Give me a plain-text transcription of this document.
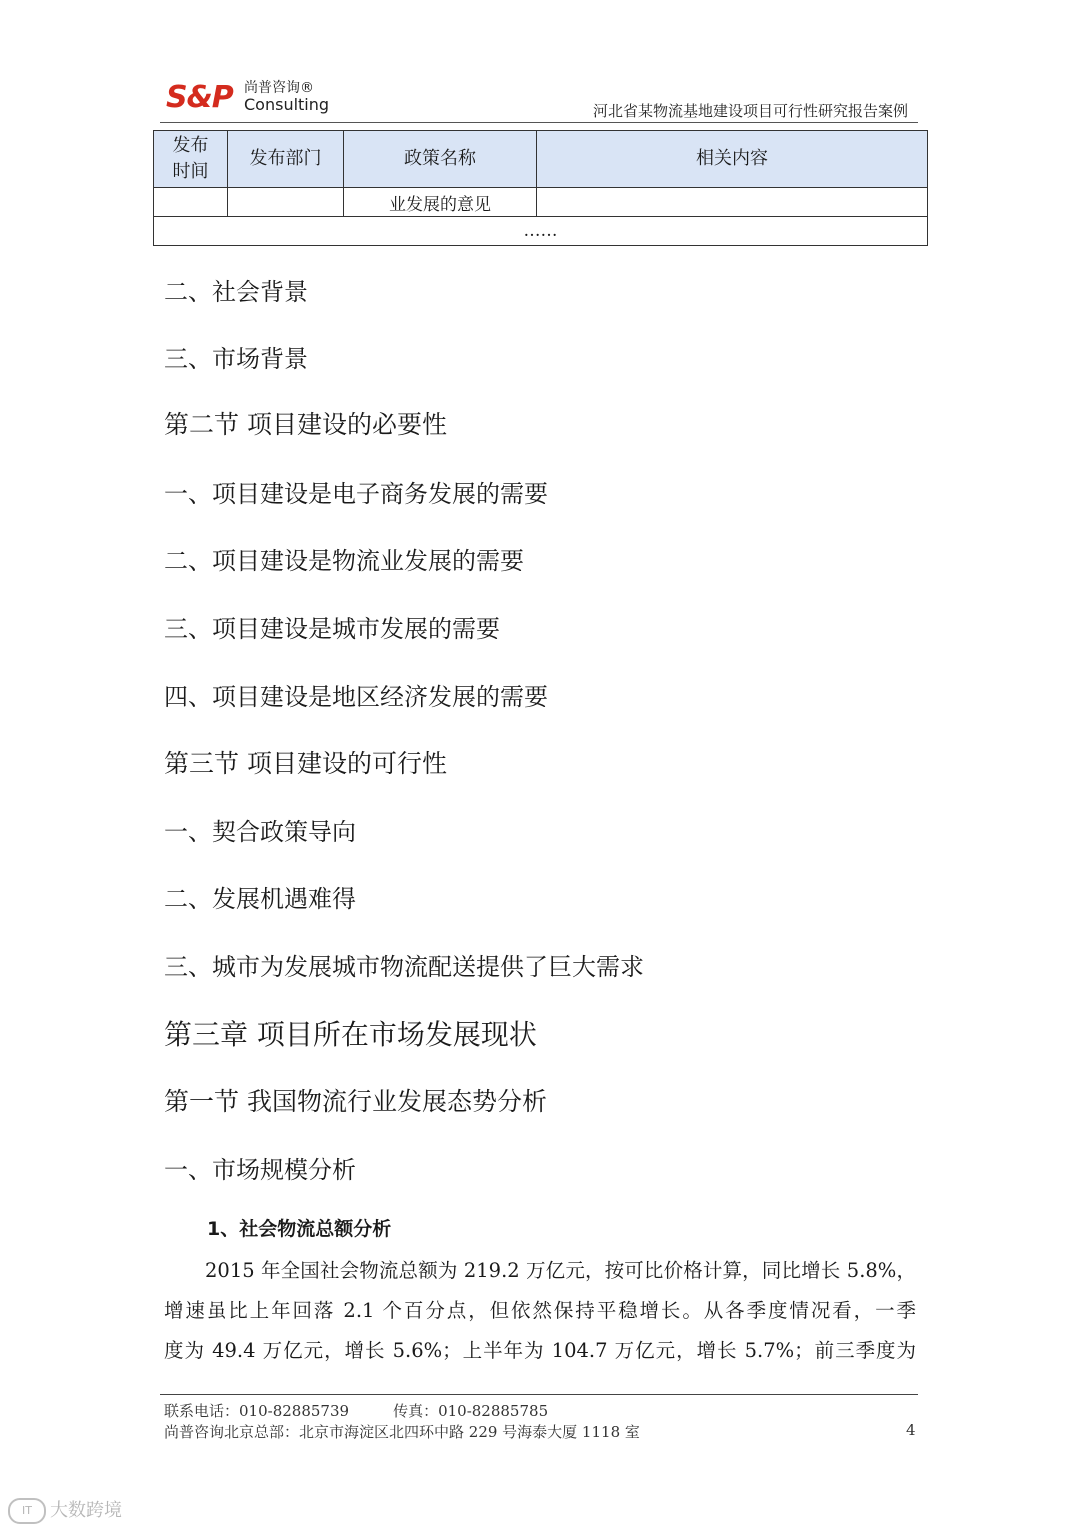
S&P 尚普咨询®
Consulting	河北省某物流基地建设项目可行性研究报告案例
发布时间	发布部门	政策名称	相关内容
		业发展的意见	
……			
二、社会背景
三、市场背景
第二节 项目建设的必要性
一、项目建设是电子商务发展的需要
二、项目建设是物流业发展的需要
三、项目建设是城市发展的需要
四、项目建设是地区经济发展的需要
第三节 项目建设的可行性
一、契合政策导向
二、发展机遇难得
三、城市为发展城市物流配送提供了巨大需求
第三章 项目所在市场发展现状
第一节 我国物流行业发展态势分析
一、市场规模分析
1、社会物流总额分析
2015 年全国社会物流总额为 219.2 万亿元，按可比价格计算，同比增长 5.8%，
增速虽比上年回落 2.1 个百分点，但依然保持平稳增长。从各季度情况看，一季
度为 49.4 万亿元，增长 5.6%；上半年为 104.7 万亿元，增长 5.7%；前三季度为
联系电话：010-82885739	传真：010-82885785
尚普咨询北京总部：北京市海淀区北四环中路 229 号海泰大厦 1118 室	4
IT 大数跨境
